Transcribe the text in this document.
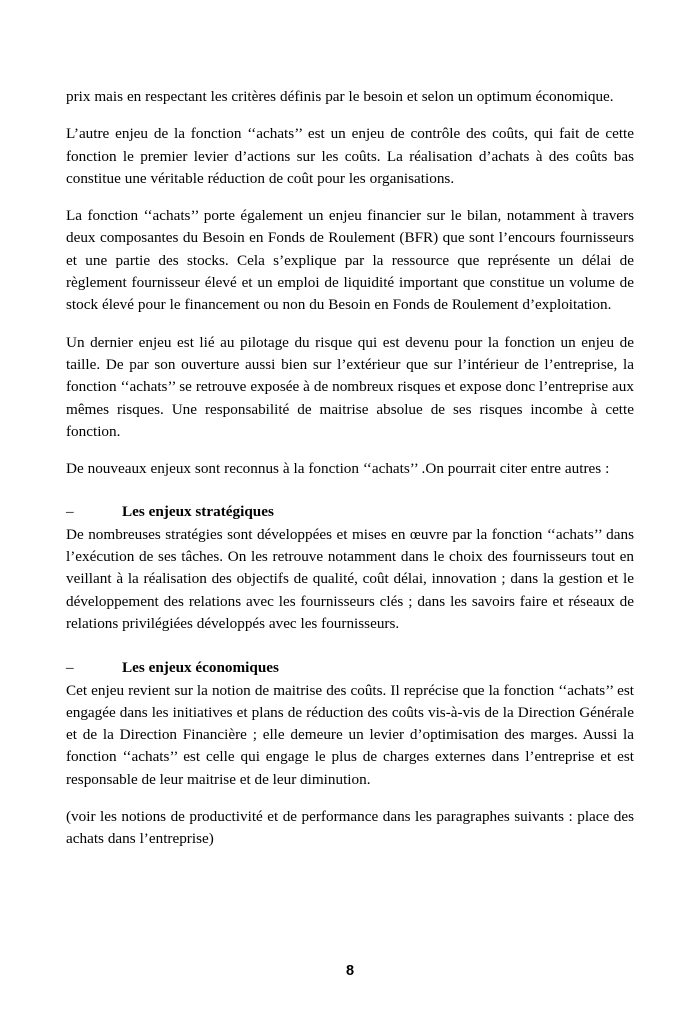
prix mais en respectant les critères définis par le besoin et selon un optimum économique.

L’autre enjeu de la fonction ‘‘achats’’ est un enjeu de contrôle des coûts, qui fait de cette fonction le premier levier d’actions sur les coûts. La réalisation d’achats à des coûts bas constitue une véritable réduction de coût pour les organisations.

La fonction ‘‘achats’’ porte également un enjeu financier sur le bilan, notamment à travers deux composantes du Besoin en Fonds de Roulement (BFR) que sont l’encours fournisseurs et une partie des stocks. Cela s’explique par la ressource que représente un délai de règlement fournisseur élevé et un emploi de liquidité important que constitue un volume de stock élevé pour le financement ou non du Besoin en Fonds de Roulement d’exploitation.

Un dernier enjeu est lié au pilotage du risque qui est devenu pour la fonction un enjeu de taille. De par son ouverture aussi bien sur l’extérieur que sur l’intérieur de l’entreprise, la fonction ‘‘achats’’ se retrouve exposée à de nombreux risques et expose donc l’entreprise aux mêmes risques. Une responsabilité de maitrise absolue de ses risques incombe à cette fonction.

De nouveaux enjeux sont reconnus à la fonction ‘‘achats’’ .On pourrait citer entre autres :

–	Les enjeux stratégiques

De nombreuses stratégies sont développées et mises en œuvre par la fonction ‘‘achats’’ dans l’exécution de ses tâches. On les retrouve notamment dans le choix des fournisseurs tout en veillant à la réalisation des objectifs de qualité, coût délai, innovation ; dans la gestion et le développement des relations avec les fournisseurs clés ; dans les savoirs faire et réseaux de relations privilégiées développés avec les fournisseurs.

–	Les enjeux économiques

Cet enjeu revient sur la notion de maitrise des coûts. Il reprécise que la fonction ‘‘achats’’ est engagée dans les initiatives et plans de réduction des coûts vis-à-vis de la Direction Générale et de la Direction Financière ; elle demeure un levier d’optimisation des marges. Aussi la fonction ‘‘achats’’ est celle qui engage le plus de charges externes dans l’entreprise et est responsable de leur maitrise et de leur diminution.

(voir les notions de productivité et de performance dans les paragraphes suivants : place des achats dans l’entreprise)

8
